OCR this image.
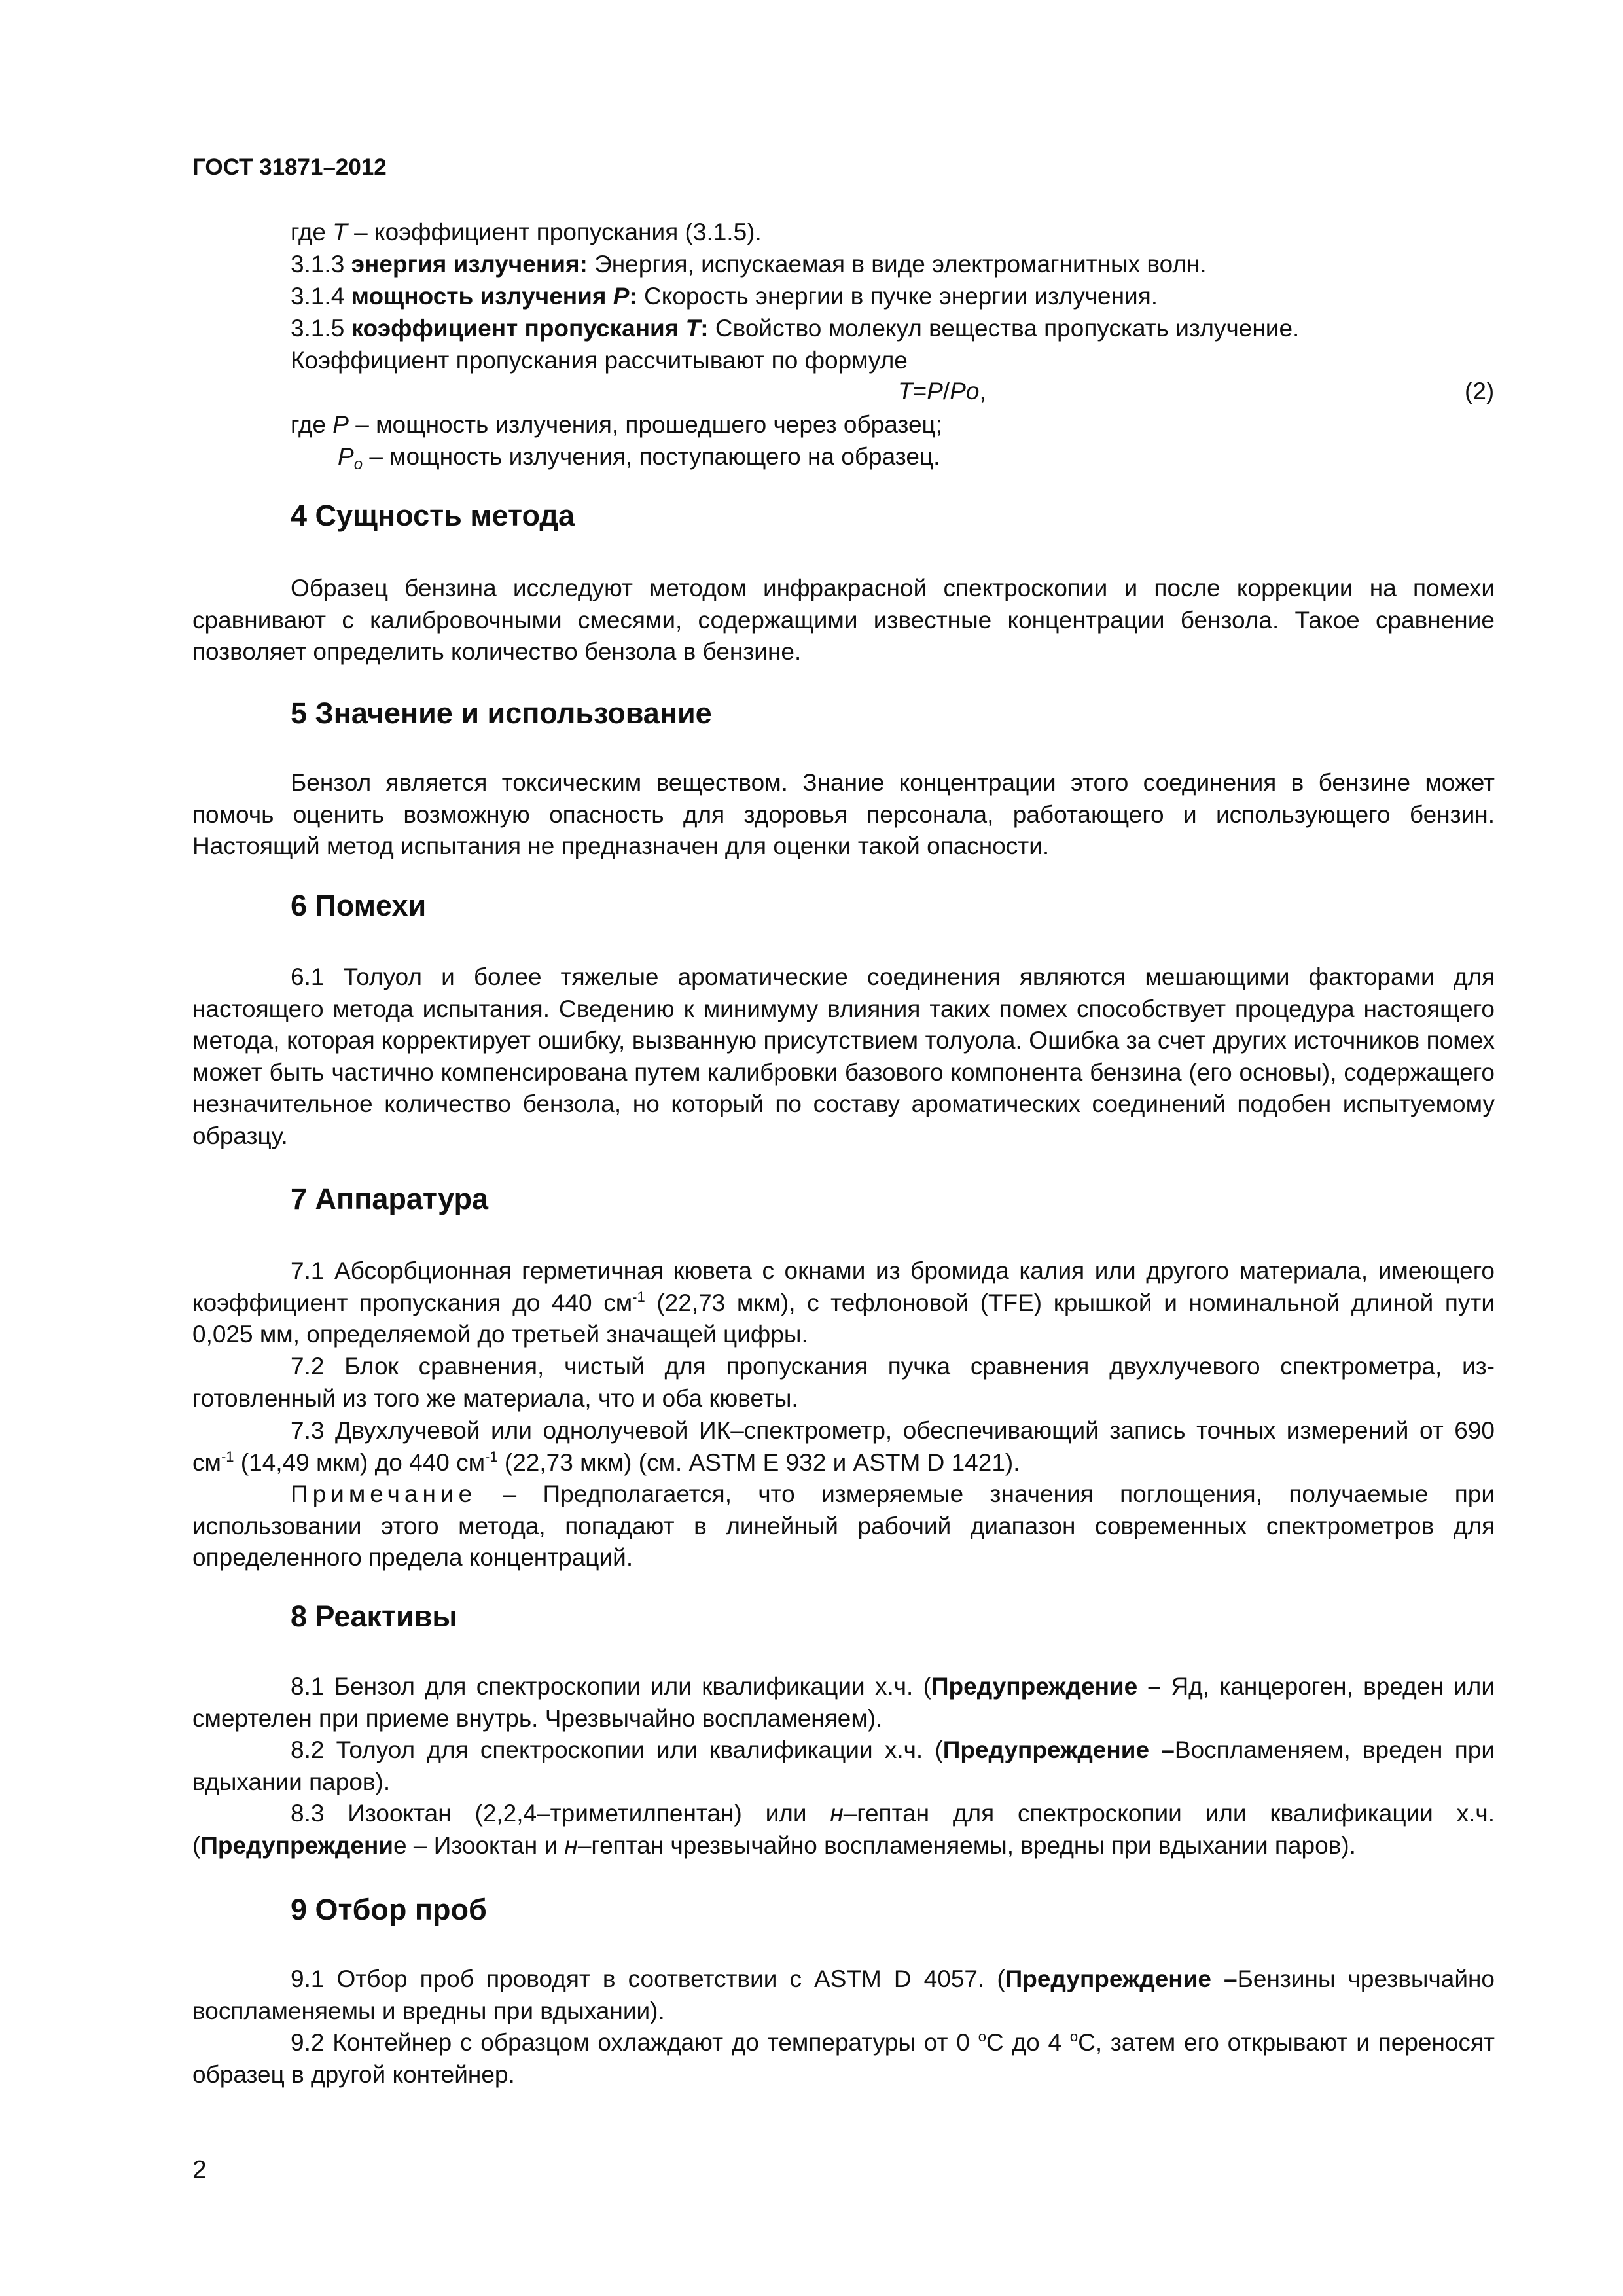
ГОСТ 31871–2012
где T – коэффициент пропускания (3.1.5).
3.1.3 энергия излучения: Энергия, испускаемая в виде электромагнитных волн.
3.1.4 мощность излучения P: Скорость энергии в пучке энергии излучения.
3.1.5 коэффициент пропускания T: Свойство молекул вещества пропускать излучение.
Коэффициент пропускания рассчитывают по формуле
T=P/Po,	(2)
где P – мощность излучения, прошедшего через образец;
$P_o$ – мощность излучения, поступающего на образец.
4 Сущность метода
Образец бензина исследуют методом инфракрасной спектроскопии и после коррекции на помехи сравнивают с калибровочными смесями, содержащими известные концентрации бензола. Такое сравнение позволяет определить количество бензола в бензине.
5 Значение и использование
Бензол является токсическим веществом. Знание концентрации этого соединения в бензине может помочь оценить возможную опасность для здоровья персонала, работающего и использующего бензин. Настоящий метод испытания не предназначен для оценки такой опасности.
6 Помехи
6.1 Толуол и более тяжелые ароматические соединения являются мешающими факторами для настоящего метода испытания. Сведению к минимуму влияния таких помех способствует процедура настоящего метода, которая корректирует ошибку, вызванную присутствием толуола. Ошибка за счет других источников помех может быть частично компенсирована путем калибровки базового компонента бензина (его основы), содержащего незначительное количество бензола, но который по составу ароматических соединений подобен испытуемому образцу.
7 Аппаратура
7.1 Абсорбционная герметичная кювета с окнами из бромида калия или другого материала, имеющего коэффициент пропускания до 440 $см^{-1}$ (22,73 мкм), с тефлоновой (TFE) крышкой и номинальной длиной пути 0,025 мм, определяемой до третьей значащей цифры.
7.2 Блок сравнения, чистый для пропускания пучка сравнения двухлучевого спектрометра, изготовленный из того же материала, что и оба кюветы.
7.3 Двухлучевой или однолучевой ИК–спектрометр, обеспечивающий запись точных измерений от 690 $см^{-1}$ (14,49 мкм) до 440 $см^{-1}$ (22,73 мкм) (см. ASTM E 932 и ASTM D 1421).
Примечание – Предполагается, что измеряемые значения поглощения, получаемые при использовании этого метода, попадают в линейный рабочий диапазон современных спектрометров для определенного предела концентраций.
8 Реактивы
8.1 Бензол для спектроскопии или квалификации х.ч. (Предупреждение – Яд, канцероген, вреден или смертелен при приеме внутрь. Чрезвычайно воспламеняем).
8.2 Толуол для спектроскопии или квалификации х.ч. (Предупреждение –Воспламеняем, вреден при вдыхании паров).
8.3 Изооктан (2,2,4–триметилпентан) или н–гептан для спектроскопии или квалификации х.ч. (Предупреждение – Изооктан и н–гептан чрезвычайно воспламеняемы, вредны при вдыхании паров).
9 Отбор проб
9.1 Отбор проб проводят в соответствии с ASTM D 4057. (Предупреждение –Бензины чрезвычайно воспламеняемы и вредны при вдыхании).
9.2 Контейнер с образцом охлаждают до температуры от 0 $^o$С до 4 $^o$С, затем его открывают и переносят образец в другой контейнер.
2
